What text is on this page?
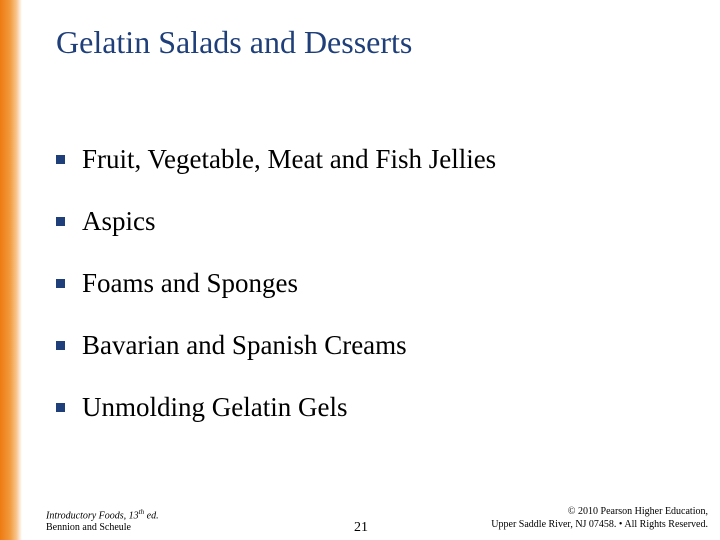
Gelatin Salads and Desserts
Fruit, Vegetable, Meat and Fish Jellies
Aspics
Foams and Sponges
Bavarian and Spanish Creams
Unmolding Gelatin Gels
Introductory Foods, 13th ed.
Bennion and Scheule	21
© 2010 Pearson Higher Education,
Upper Saddle River, NJ 07458. • All Rights Reserved.
